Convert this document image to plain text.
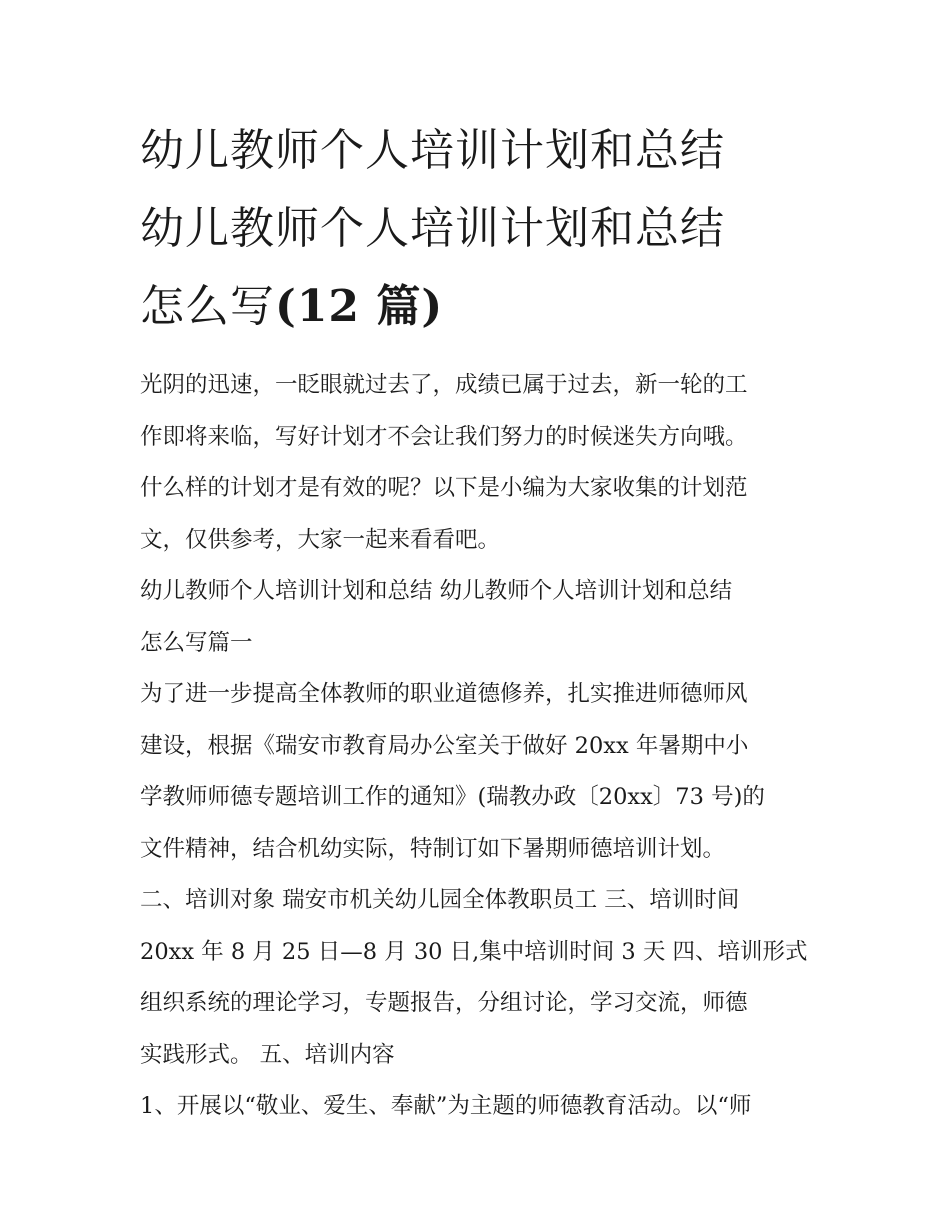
幼儿教师个人培训计划和总结
幼儿教师个人培训计划和总结
怎么写(12 篇)

光阴的迅速，一眨眼就过去了，成绩已属于过去，新一轮的工
作即将来临，写好计划才不会让我们努力的时候迷失方向哦。
什么样的计划才是有效的呢？以下是小编为大家收集的计划范
文，仅供参考，大家一起来看看吧。

幼儿教师个人培训计划和总结 幼儿教师个人培训计划和总结
怎么写篇一

为了进一步提高全体教师的职业道德修养，扎实推进师德师风
建设，根据《瑞安市教育局办公室关于做好 20xx 年暑期中小
学教师师德专题培训工作的通知》(瑞教办政〔20xx〕73 号)的
文件精神，结合机幼实际，特制订如下暑期师德培训计划。

二、培训对象 瑞安市机关幼儿园全体教职员工 三、培训时间
20xx 年 8 月 25 日—8 月 30 日,集中培训时间 3 天 四、培训形式
组织系统的理论学习，专题报告，分组讨论，学习交流，师德
实践形式。 五、培训内容

1、开展以“敬业、爱生、奉献”为主题的师德教育活动。以“师
